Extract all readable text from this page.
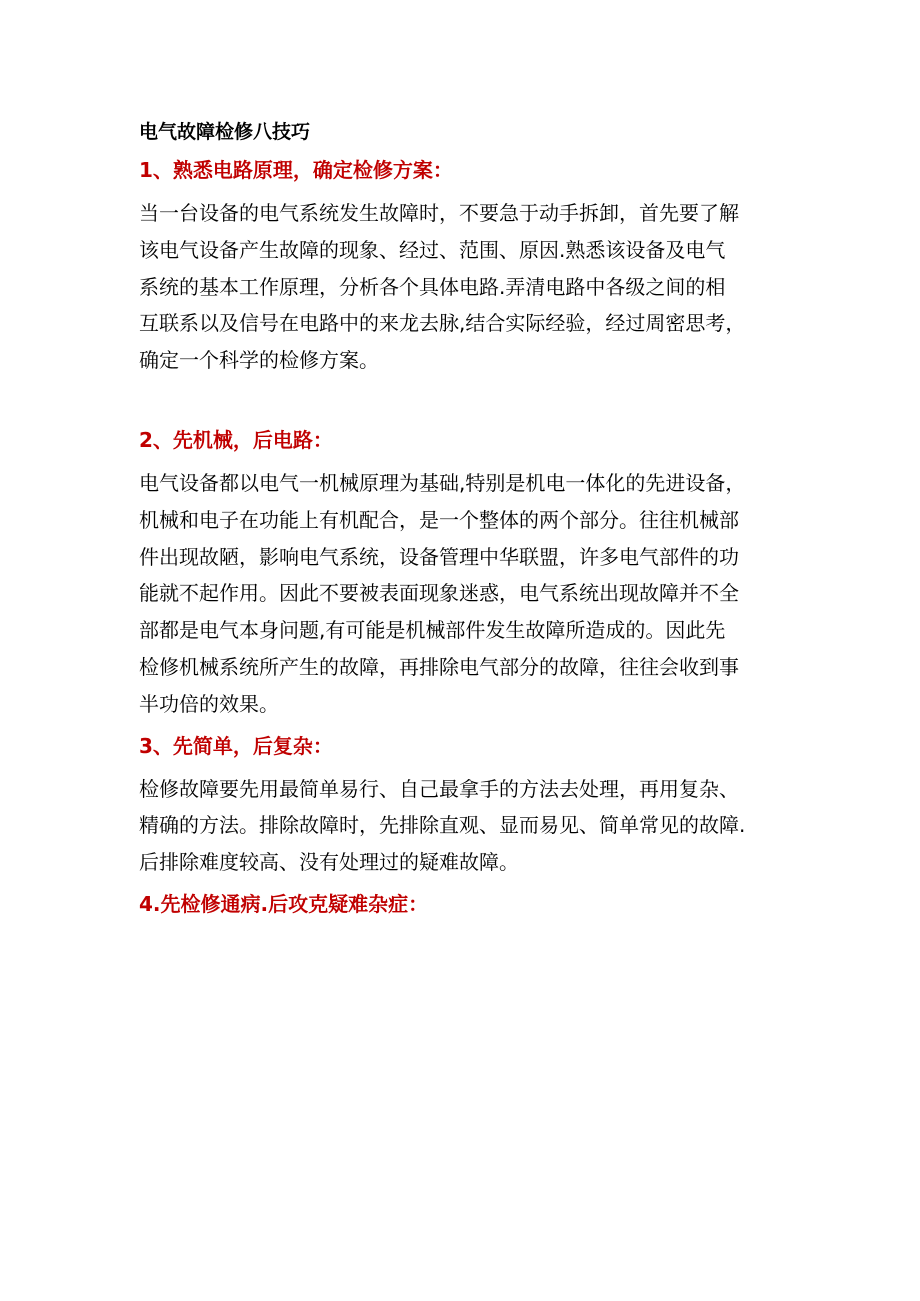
电气故障检修八技巧
1、熟悉电路原理，确定检修方案：

当一台设备的电气系统发生故障时，不要急于动手拆卸，首先要了解
该电气设备产生故障的现象、经过、范围、原因.熟悉该设备及电气
系统的基本工作原理，分析各个具体电路.弄清电路中各级之间的相
互联系以及信号在电路中的来龙去脉,结合实际经验，经过周密思考，
确定一个科学的检修方案。

2、先机械，后电路：

电气设备都以电气一机械原理为基础,特别是机电一体化的先进设备，
机械和电子在功能上有机配合，是一个整体的两个部分。往往机械部
件出现故陋，影响电气系统，设备管理中华联盟，许多电气部件的功
能就不起作用。因此不要被表面现象迷惑，电气系统出现故障并不全
部都是电气本身问题,有可能是机械部件发生故障所造成的。因此先
检修机械系统所产生的故障，再排除电气部分的故障，往往会收到事
半功倍的效果。

3、先简单，后复杂：

检修故障要先用最简单易行、自己最拿手的方法去处理，再用复杂、
精确的方法。排除故障时，先排除直观、显而易见、简单常见的故障.
后排除难度较高、没有处理过的疑难故障。

4.先检修通病.后攻克疑难杂症：
